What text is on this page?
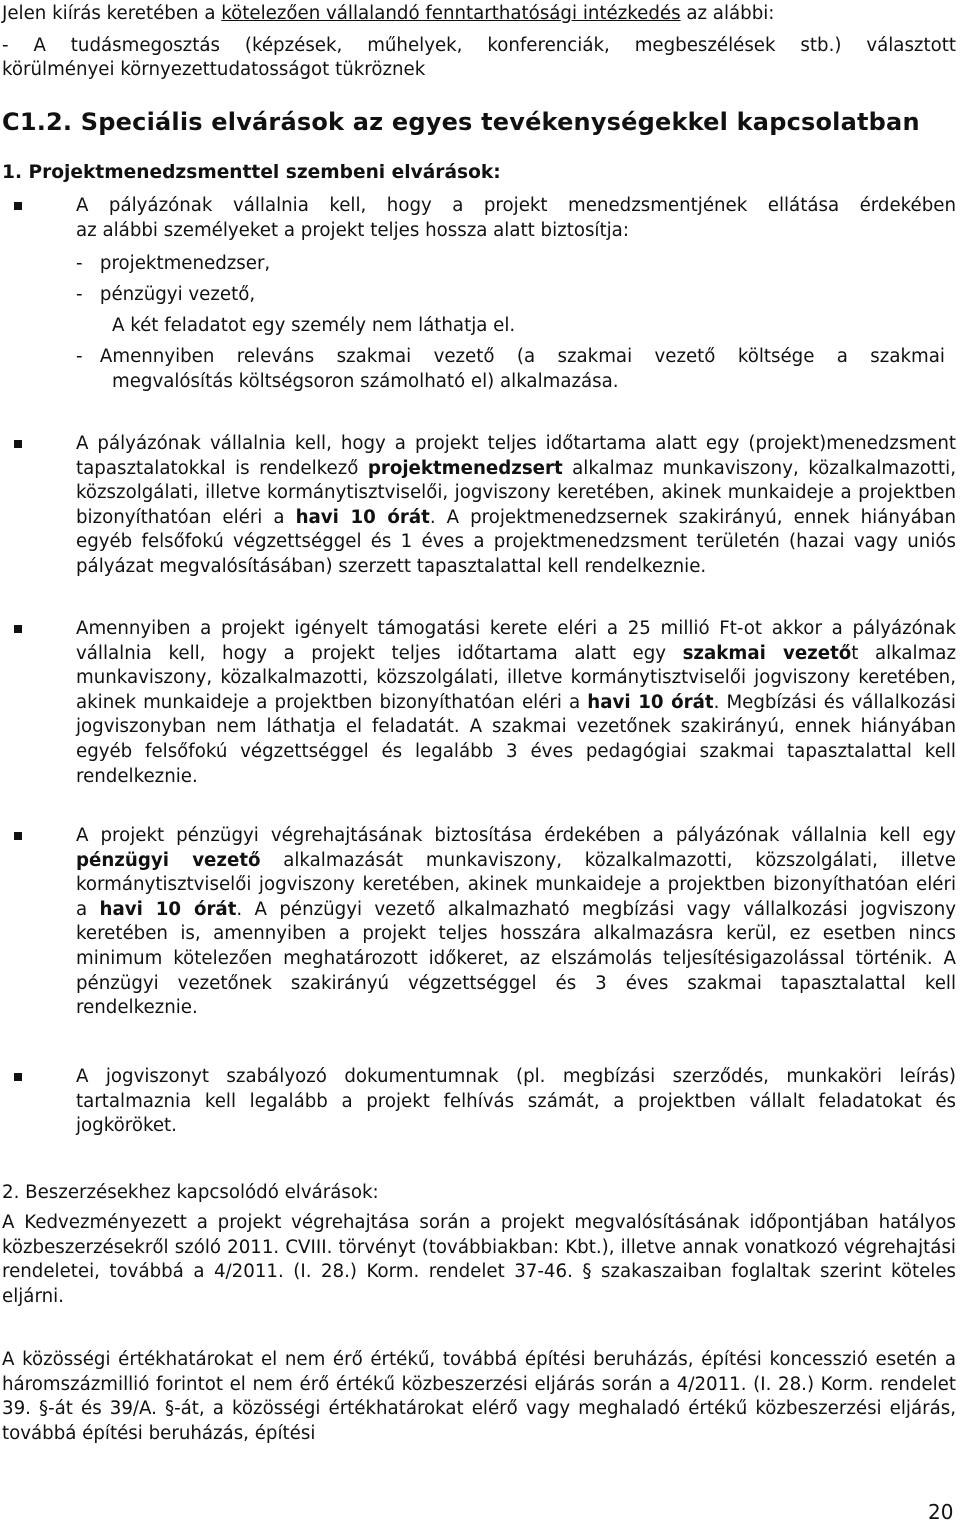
Jelen kiírás keretében a kötelezően vállalandó fenntarthatósági intézkedés az alábbi:
- A tudásmegosztás (képzések, műhelyek, konferenciák, megbeszélések stb.) választott
körülményei környezettudatosságot tükröznek
C1.2. Speciális elvárások az egyes tevékenységekkel kapcsolatban
1. Projektmenedzsmenttel szembeni elvárások:
A pályázónak vállalnia kell, hogy a projekt menedzsmentjének ellátása érdekében
az alábbi személyeket a projekt teljes hossza alatt biztosítja:
-   projektmenedzser,
-   pénzügyi vezető,
A két feladatot egy személy nem láthatja el.
-   Amennyiben releváns szakmai vezető (a szakmai vezető költsége a szakmai
megvalósítás költségsoron számolható el) alkalmazása.
A pályázónak vállalnia kell, hogy a projekt teljes időtartama alatt egy (projekt)menedzsment tapasztalatokkal is rendelkező projektmenedzsert alkalmaz munkaviszony, közalkalmazotti, közszolgálati, illetve kormánytisztviselői, jogviszony keretében, akinek munkaideje a projektben bizonyíthatóan eléri a havi 10 órát. A projektmenedzsernek szakirányú, ennek hiányában egyéb felsőfokú végzettséggel és 1 éves a projektmenedzsment területén (hazai vagy uniós pályázat megvalósításában) szerzett tapasztalattal kell rendelkeznie.
Amennyiben a projekt igényelt támogatási kerete eléri a 25 millió Ft-ot akkor a pályázónak vállalnia kell, hogy a projekt teljes időtartama alatt egy szakmai vezetőt alkalmaz munkaviszony, közalkalmazotti, közszolgálati, illetve kormánytisztviselői jogviszony keretében, akinek munkaideje a projektben bizonyíthatóan eléri a havi 10 órát. Megbízási és vállalkozási jogviszonyban nem láthatja el feladatát. A szakmai vezetőnek szakirányú, ennek hiányában egyéb felsőfokú végzettséggel és legalább 3 éves pedagógiai szakmai tapasztalattal kell rendelkeznie.
A projekt pénzügyi végrehajtásának biztosítása érdekében a pályázónak vállalnia kell egy pénzügyi vezető alkalmazását munkaviszony, közalkalmazotti, közszolgálati, illetve kormánytisztviselői jogviszony keretében, akinek munkaideje a projektben bizonyíthatóan eléri a havi 10 órát. A pénzügyi vezető alkalmazható megbízási vagy vállalkozási jogviszony keretében is, amennyiben a projekt teljes hosszára alkalmazásra kerül, ez esetben nincs minimum kötelezően meghatározott időkeret, az elszámolás teljesítésigazolással történik. A pénzügyi vezetőnek szakirányú végzettséggel és 3 éves szakmai tapasztalattal kell rendelkeznie.
A jogviszonyt szabályozó dokumentumnak (pl. megbízási szerződés, munkaköri leírás) tartalmaznia kell legalább a projekt felhívás számát, a projektben vállalt feladatokat és jogköröket.
2. Beszerzésekhez kapcsolódó elvárások:
A Kedvezményezett a projekt végrehajtása során a projekt megvalósításának időpontjában hatályos közbeszerzésekről szóló 2011. CVIII. törvényt (továbbiakban: Kbt.), illetve annak vonatkozó végrehajtási rendeletei, továbbá a 4/2011. (I. 28.) Korm. rendelet 37-46. § szakaszaiban foglaltak szerint köteles eljárni.
A közösségi értékhatárokat el nem érő értékű, továbbá építési beruházás, építési koncesszió esetén a háromszázmillió forintot el nem érő értékű közbeszerzési eljárás során a 4/2011. (I. 28.) Korm. rendelet 39. §-át és 39/A. §-át, a közösségi értékhatárokat elérő vagy meghaladó értékű közbeszerzési eljárás, továbbá építési beruházás, építési
20
